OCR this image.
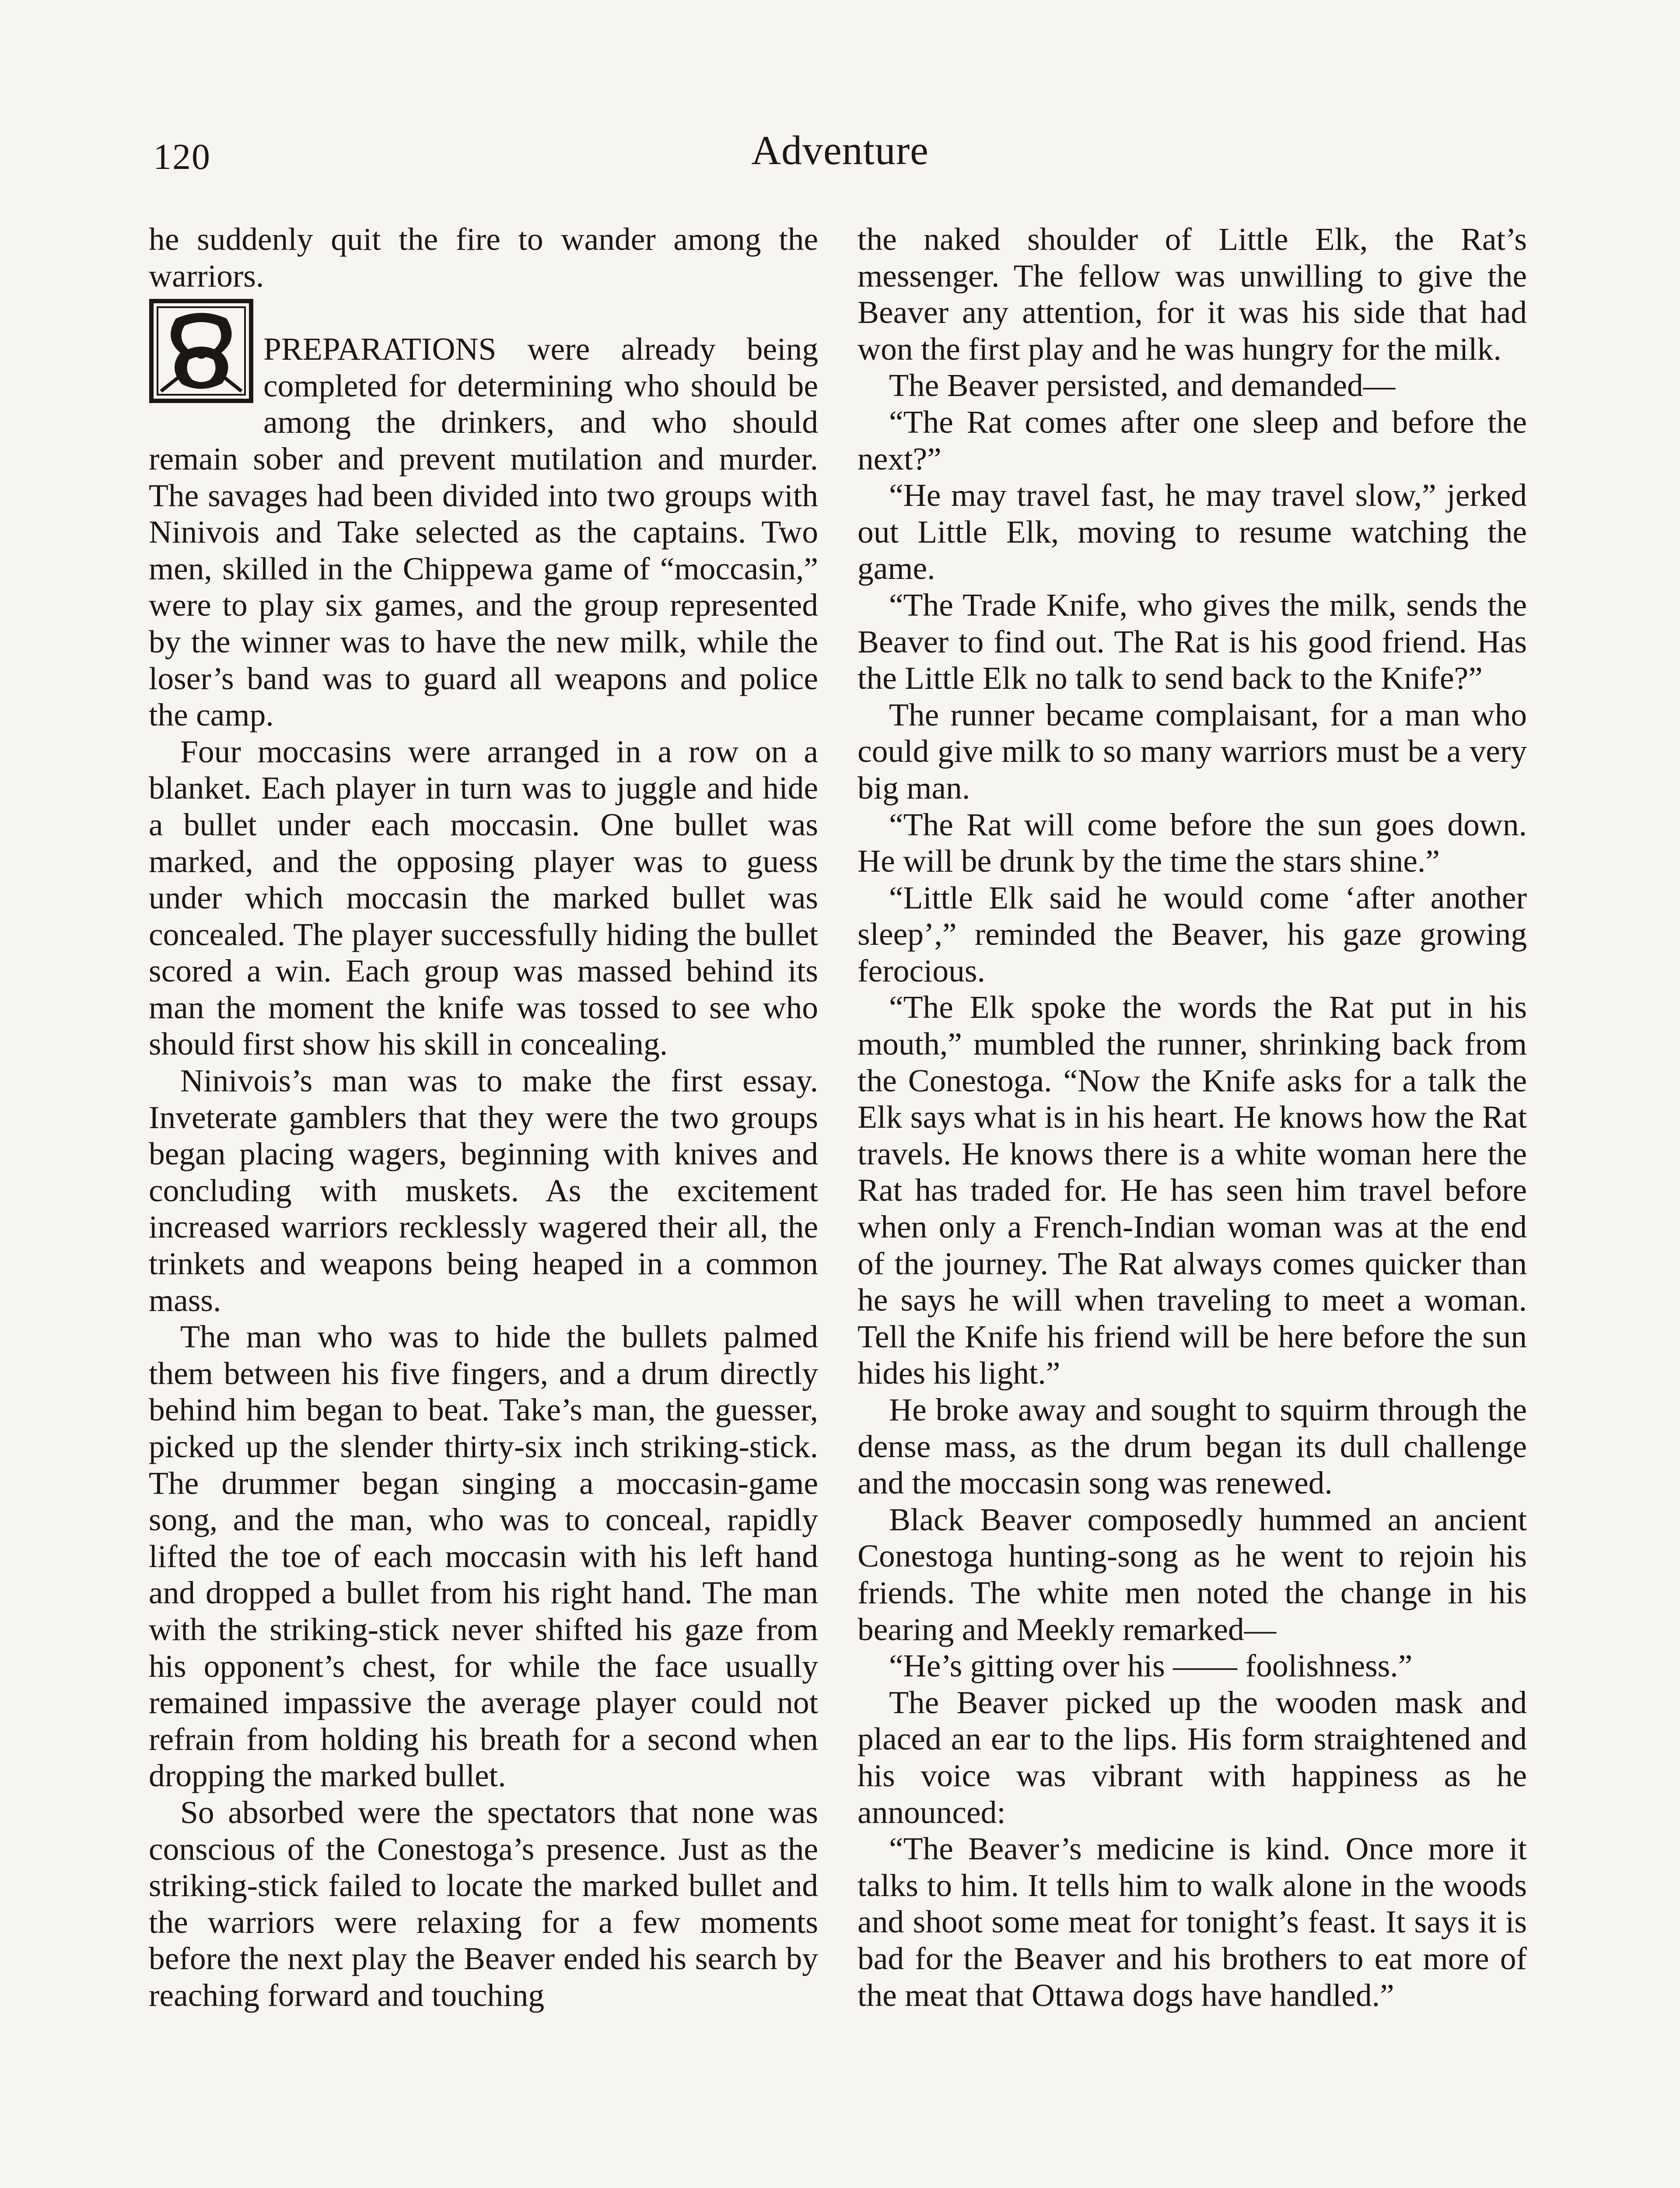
120	Adventure

he suddenly quit the fire to wander among the warriors.

PREPARATIONS were already being completed for determining who should be among the drinkers, and who should remain sober and prevent mutilation and murder. The savages had been divided into two groups with Ninivois and Take selected as the captains. Two men, skilled in the Chippewa game of “moccasin,” were to play six games, and the group represented by the winner was to have the new milk, while the loser’s band was to guard all weapons and police the camp.

Four moccasins were arranged in a row on a blanket. Each player in turn was to juggle and hide a bullet under each moccasin. One bullet was marked, and the opposing player was to guess under which moccasin the marked bullet was concealed. The player successfully hiding the bullet scored a win. Each group was massed behind its man the moment the knife was tossed to see who should first show his skill in concealing.

Ninivois’s man was to make the first essay. Inveterate gamblers that they were the two groups began placing wagers, beginning with knives and concluding with muskets. As the excitement increased warriors recklessly wagered their all, the trinkets and weapons being heaped in a common mass.

The man who was to hide the bullets palmed them between his five fingers, and a drum directly behind him began to beat. Take’s man, the guesser, picked up the slender thirty-six inch striking-stick. The drummer began singing a moccasin-game song, and the man, who was to conceal, rapidly lifted the toe of each moccasin with his left hand and dropped a bullet from his right hand. The man with the striking-stick never shifted his gaze from his opponent’s chest, for while the face usually remained impassive the average player could not refrain from holding his breath for a second when dropping the marked bullet.

So absorbed were the spectators that none was conscious of the Conestoga’s presence. Just as the striking-stick failed to locate the marked bullet and the warriors were relaxing for a few moments before the next play the Beaver ended his search by reaching forward and touching

the naked shoulder of Little Elk, the Rat’s messenger. The fellow was unwilling to give the Beaver any attention, for it was his side that had won the first play and he was hungry for the milk.

The Beaver persisted, and demanded—

“The Rat comes after one sleep and before the next?”

“He may travel fast, he may travel slow,” jerked out Little Elk, moving to resume watching the game.

“The Trade Knife, who gives the milk, sends the Beaver to find out. The Rat is his good friend. Has the Little Elk no talk to send back to the Knife?”

The runner became complaisant, for a man who could give milk to so many warriors must be a very big man.

“The Rat will come before the sun goes down. He will be drunk by the time the stars shine.”

“Little Elk said he would come ‘after another sleep’,” reminded the Beaver, his gaze growing ferocious.

“The Elk spoke the words the Rat put in his mouth,” mumbled the runner, shrinking back from the Conestoga. “Now the Knife asks for a talk the Elk says what is in his heart. He knows how the Rat travels. He knows there is a white woman here the Rat has traded for. He has seen him travel before when only a French-Indian woman was at the end of the journey. The Rat always comes quicker than he says he will when traveling to meet a woman. Tell the Knife his friend will be here before the sun hides his light.”

He broke away and sought to squirm through the dense mass, as the drum began its dull challenge and the moccasin song was renewed.

Black Beaver composedly hummed an ancient Conestoga hunting-song as he went to rejoin his friends. The white men noted the change in his bearing and Meekly remarked—

“He’s gitting over his —— foolishness.”

The Beaver picked up the wooden mask and placed an ear to the lips. His form straightened and his voice was vibrant with happiness as he announced:

“The Beaver’s medicine is kind. Once more it talks to him. It tells him to walk alone in the woods and shoot some meat for tonight’s feast. It says it is bad for the Beaver and his brothers to eat more of the meat that Ottawa dogs have handled.”
